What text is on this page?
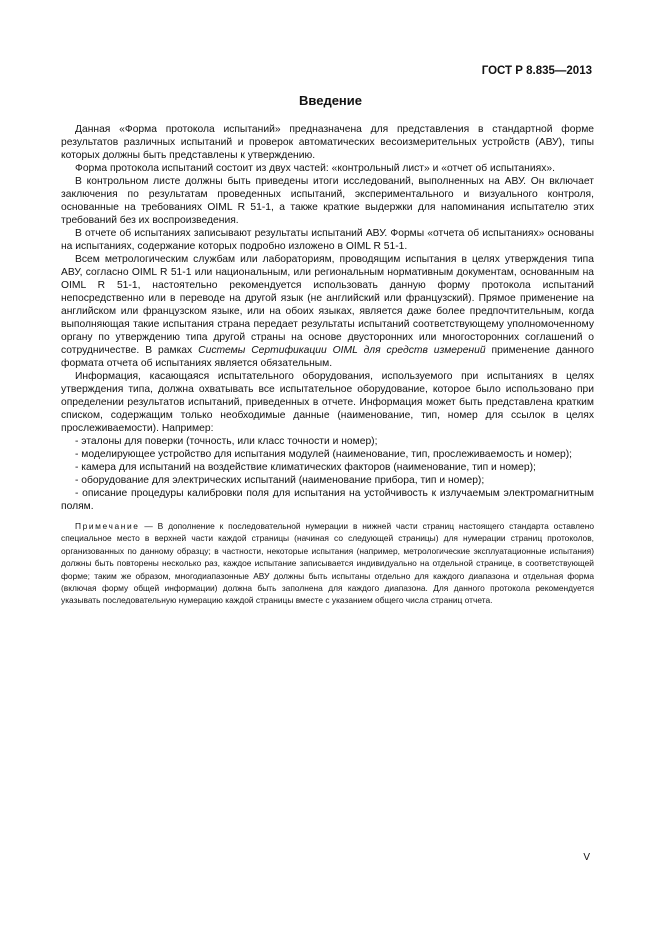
ГОСТ Р 8.835—2013
Введение

Данная «Форма протокола испытаний» предназначена для представления в стандартной форме результатов различных испытаний и проверок автоматических весоизмерительных устройств (АВУ), типы которых должны быть представлены к утверждению.

Форма протокола испытаний состоит из двух частей: «контрольный лист» и «отчет об испытаниях».

В контрольном листе должны быть приведены итоги исследований, выполненных на АВУ. Он включает заключения по результатам проведенных испытаний, экспериментального и визуального контроля, основанные на требованиях OIML R 51-1, а также краткие выдержки для напоминания испытателю этих требований без их воспроизведения.

В отчете об испытаниях записывают результаты испытаний АВУ. Формы «отчета об испытаниях» основаны на испытаниях, содержание которых подробно изложено в OIML R 51-1.

Всем метрологическим службам или лабораториям, проводящим испытания в целях утверждения типа АВУ, согласно OIML R 51-1 или национальным, или региональным нормативным документам, основанным на OIML R 51-1, настоятельно рекомендуется использовать данную форму протокола испытаний непосредственно или в переводе на другой язык (не английский или французский). Прямое применение на английском или французском языке, или на обоих языках, является даже более предпочтительным, когда выполняющая такие испытания страна передает результаты испытаний соответствующему уполномоченному органу по утверждению типа другой страны на основе двусторонних или многосторонних соглашений о сотрудничестве. В рамках Системы Сертификации OIML для средств измерений применение данного формата отчета об испытаниях является обязательным.

Информация, касающаяся испытательного оборудования, используемого при испытаниях в целях утверждения типа, должна охватывать все испытательное оборудование, которое было использовано при определении результатов испытаний, приведенных в отчете. Информация может быть представлена кратким списком, содержащим только необходимые данные (наименование, тип, номер для ссылок в целях прослеживаемости). Например:

- эталоны для поверки (точность, или класс точности и номер);

- моделирующее устройство для испытания модулей (наименование, тип, прослеживаемость и номер);

- камера для испытаний на воздействие климатических факторов (наименование, тип и номер);

- оборудование для электрических испытаний (наименование прибора, тип и номер);

- описание процедуры калибровки поля для испытания на устойчивость к излучаемым электромагнитным полям.

Примечание — В дополнение к последовательной нумерации в нижней части страниц настоящего стандарта оставлено специальное место в верхней части каждой страницы (начиная со следующей страницы) для нумерации страниц протоколов, организованных по данному образцу; в частности, некоторые испытания (например, метрологические эксплуатационные испытания) должны быть повторены несколько раз, каждое испытание записывается индивидуально на отдельной странице, в соответствующей форме; таким же образом, многодиапазонные АВУ должны быть испытаны отдельно для каждого диапазона и отдельная форма (включая форму общей информации) должна быть заполнена для каждого диапазона. Для данного протокола рекомендуется указывать последовательную нумерацию каждой страницы вместе с указанием общего числа страниц отчета.

V
